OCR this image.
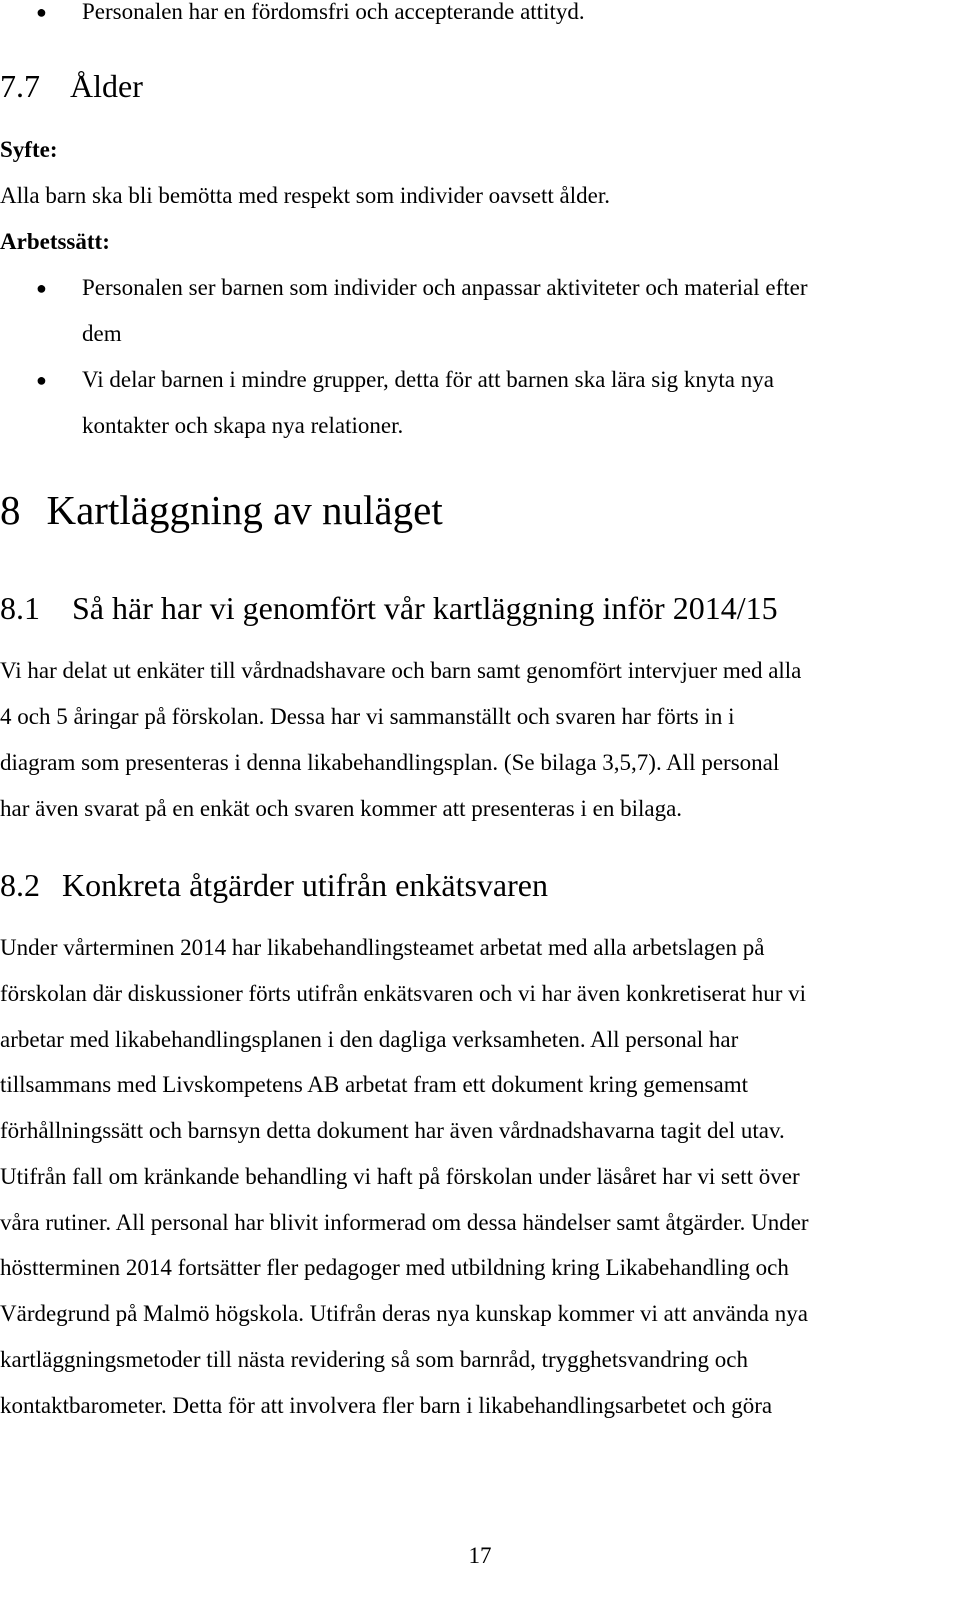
● Personalen har en fördomsfri och accepterande attityd.
7.7 Ålder
Syfte:
Alla barn ska bli bemötta med respekt som individer oavsett ålder.
Arbetssätt:
● Personalen ser barnen som individer och anpassar aktiviteter och material efter
dem
● Vi delar barnen i mindre grupper, detta för att barnen ska lära sig knyta nya
kontakter och skapa nya relationer.
8 Kartläggning av nuläget
8.1 Så här har vi genomfört vår kartläggning inför 2014/15
Vi har delat ut enkäter till vårdnadshavare och barn samt genomfört intervjuer med alla
4 och 5 åringar på förskolan. Dessa har vi sammanställt och svaren har förts in i
diagram som presenteras i denna likabehandlingsplan. (Se bilaga 3,5,7). All personal
har även svarat på en enkät och svaren kommer att presenteras i en bilaga.
8.2 Konkreta åtgärder utifrån enkätsvaren
Under vårterminen 2014 har likabehandlingsteamet arbetat med alla arbetslagen på
förskolan där diskussioner förts utifrån enkätsvaren och vi har även konkretiserat hur vi
arbetar med likabehandlingsplanen i den dagliga verksamheten. All personal har
tillsammans med Livskompetens AB arbetat fram ett dokument kring gemensamt
förhållningssätt och barnsyn detta dokument har även vårdnadshavarna tagit del utav.
Utifrån fall om kränkande behandling vi haft på förskolan under läsåret har vi sett över
våra rutiner. All personal har blivit informerad om dessa händelser samt åtgärder. Under
höstterminen 2014 fortsätter fler pedagoger med utbildning kring Likabehandling och
Värdegrund på Malmö högskola. Utifrån deras nya kunskap kommer vi att använda nya
kartläggningsmetoder till nästa revidering så som barnråd, trygghetsvandring och
kontaktbarometer. Detta för att involvera fler barn i likabehandlingsarbetet och göra
17
